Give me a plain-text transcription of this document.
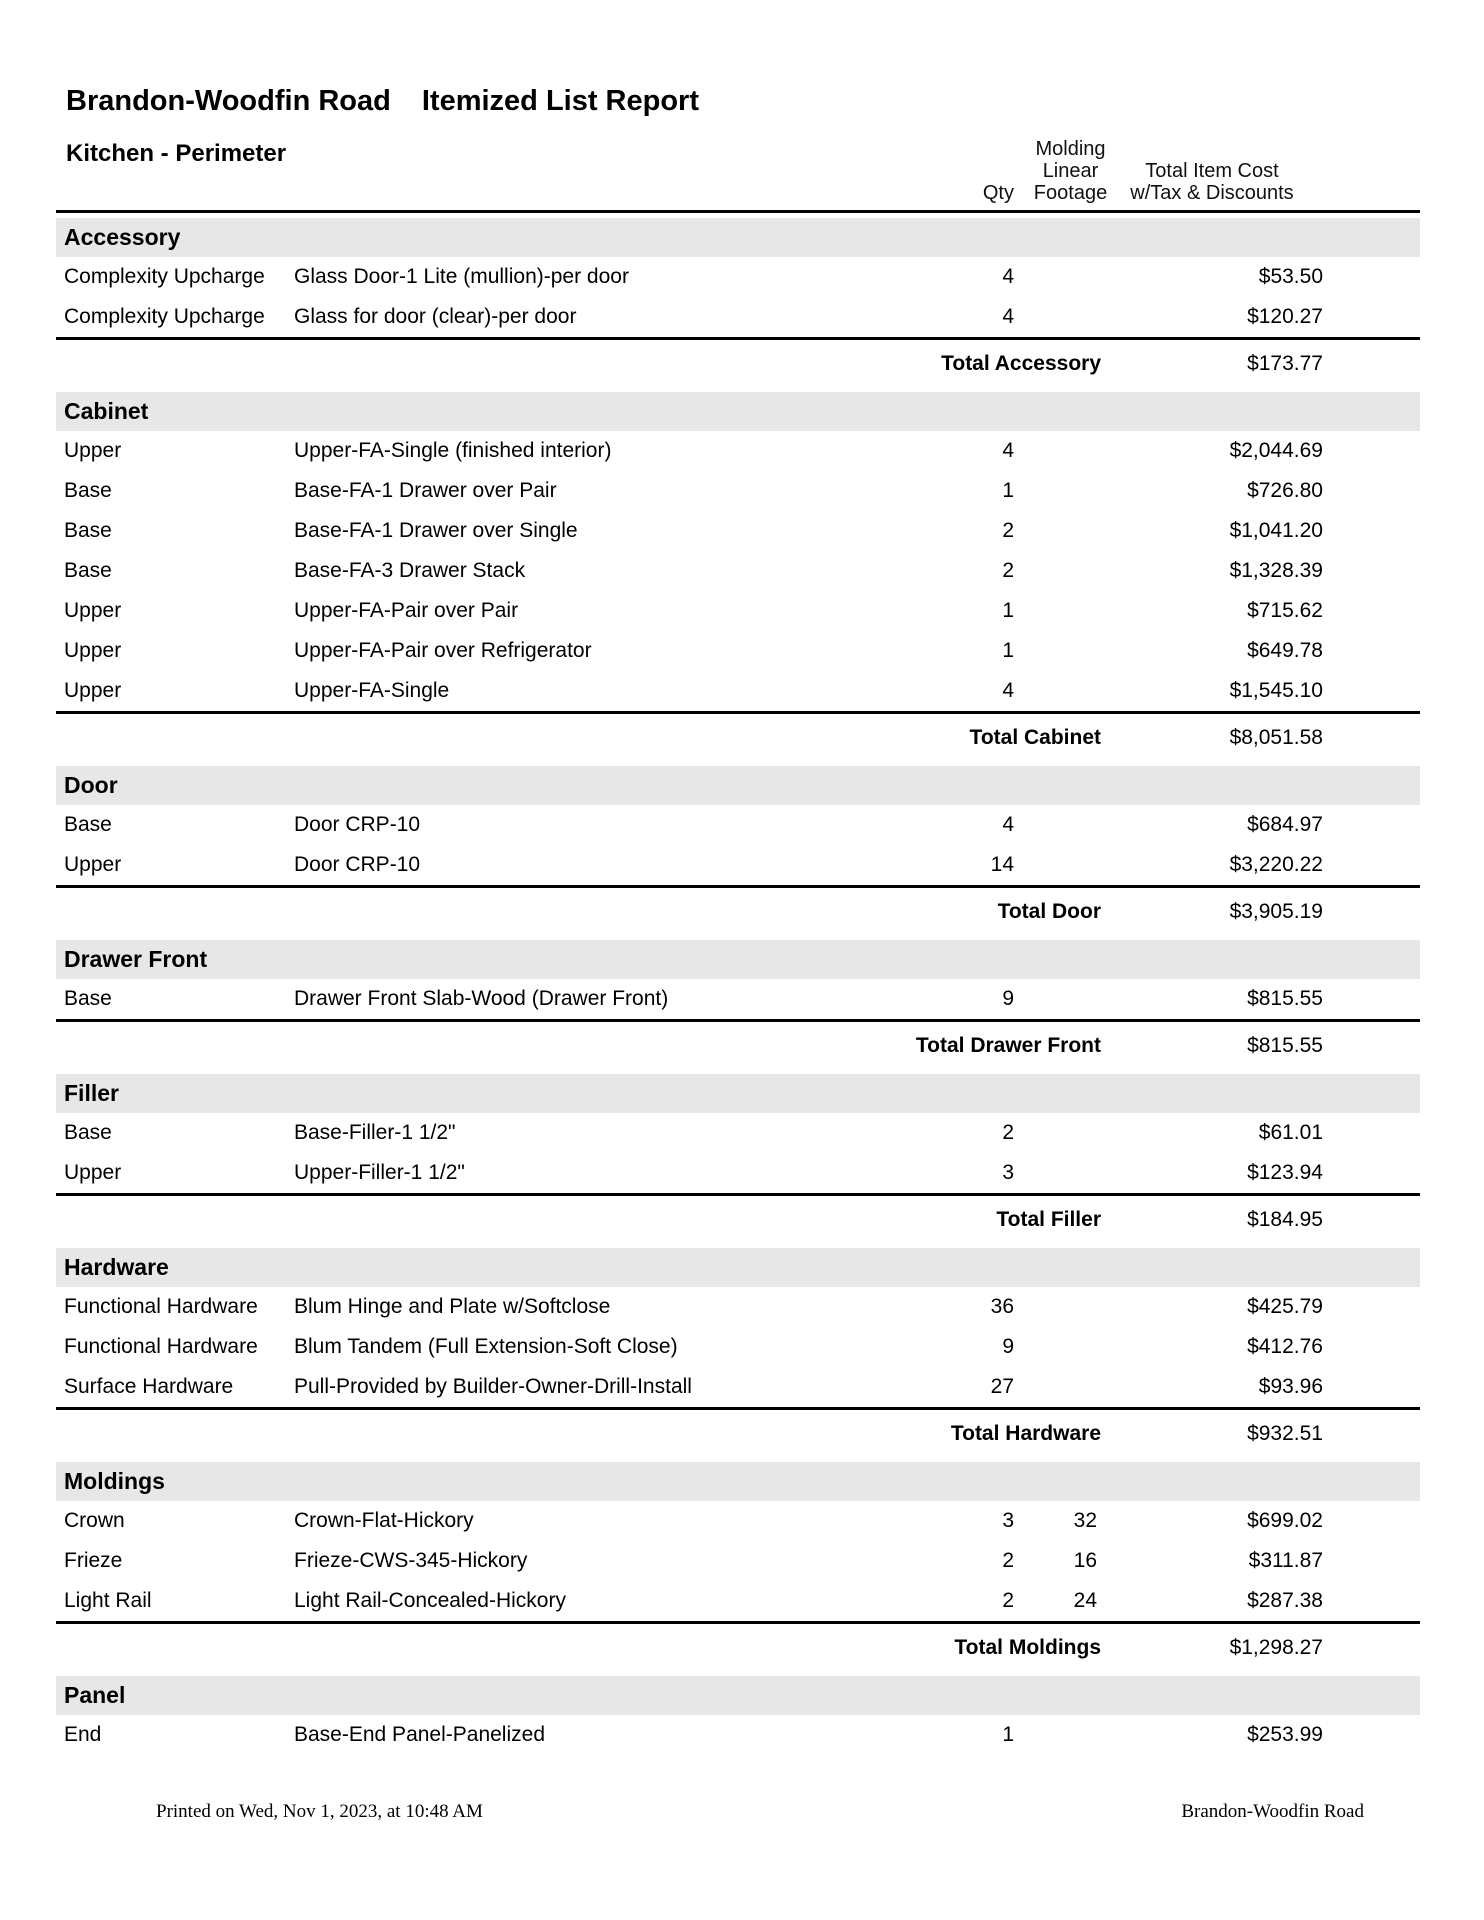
Brandon-Woodfin Road Itemized List Report
Kitchen - Perimeter
Qty
Molding
Linear
Footage
Total Item Cost
w/Tax & Discounts
Accessory
Complexity Upcharge	Glass Door-1 Lite (mullion)-per door	4	$53.50
Complexity Upcharge	Glass for door (clear)-per door	4	$120.27
Total Accessory	$173.77
Cabinet
Upper	Upper-FA-Single (finished interior)	4	$2,044.69
Base	Base-FA-1 Drawer over Pair	1	$726.80
Base	Base-FA-1 Drawer over Single	2	$1,041.20
Base	Base-FA-3 Drawer Stack	2	$1,328.39
Upper	Upper-FA-Pair over Pair	1	$715.62
Upper	Upper-FA-Pair over Refrigerator	1	$649.78
Upper	Upper-FA-Single	4	$1,545.10
Total Cabinet	$8,051.58
Door
Base	Door CRP-10	4	$684.97
Upper	Door CRP-10	14	$3,220.22
Total Door	$3,905.19
Drawer Front
Base	Drawer Front Slab-Wood (Drawer Front)	9	$815.55
Total Drawer Front	$815.55
Filler
Base	Base-Filler-1 1/2"	2	$61.01
Upper	Upper-Filler-1 1/2"	3	$123.94
Total Filler	$184.95
Hardware
Functional Hardware	Blum Hinge and Plate w/Softclose	36	$425.79
Functional Hardware	Blum Tandem (Full Extension-Soft Close)	9	$412.76
Surface Hardware	Pull-Provided by Builder-Owner-Drill-Install	27	$93.96
Total Hardware	$932.51
Moldings
Crown	Crown-Flat-Hickory	3	32	$699.02
Frieze	Frieze-CWS-345-Hickory	2	16	$311.87
Light Rail	Light Rail-Concealed-Hickory	2	24	$287.38
Total Moldings	$1,298.27
Panel
End	Base-End Panel-Panelized	1	$253.99
Printed on Wed, Nov 1, 2023, at 10:48 AM	Brandon-Woodfin Road
